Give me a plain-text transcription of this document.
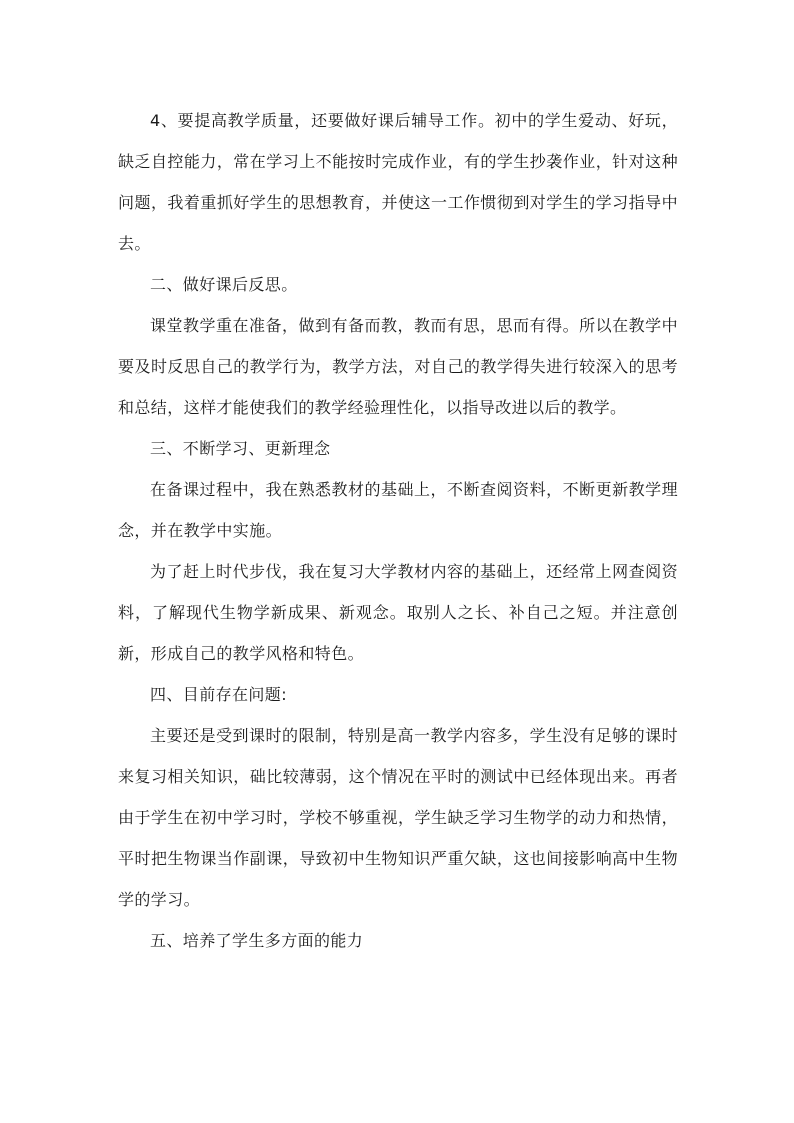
4、要提高教学质量，还要做好课后辅导工作。初中的学生爱动、好玩，缺乏自控能力，常在学习上不能按时完成作业，有的学生抄袭作业，针对这种问题，我着重抓好学生的思想教育，并使这一工作惯彻到对学生的学习指导中去。

二、做好课后反思。

课堂教学重在准备，做到有备而教，教而有思，思而有得。所以在教学中要及时反思自己的教学行为，教学方法，对自己的教学得失进行较深入的思考和总结，这样才能使我们的教学经验理性化，以指导改进以后的教学。

三、不断学习、更新理念

在备课过程中，我在熟悉教材的基础上，不断查阅资料，不断更新教学理念，并在教学中实施。

为了赶上时代步伐，我在复习大学教材内容的基础上，还经常上网查阅资料，了解现代生物学新成果、新观念。取别人之长、补自己之短。并注意创新，形成自己的教学风格和特色。

四、目前存在问题:

主要还是受到课时的限制，特别是高一教学内容多，学生没有足够的课时来复习相关知识，础比较薄弱，这个情况在平时的测试中已经体现出来。再者由于学生在初中学习时，学校不够重视，学生缺乏学习生物学的动力和热情，平时把生物课当作副课，导致初中生物知识严重欠缺，这也间接影响高中生物学的学习。

五、培养了学生多方面的能力
